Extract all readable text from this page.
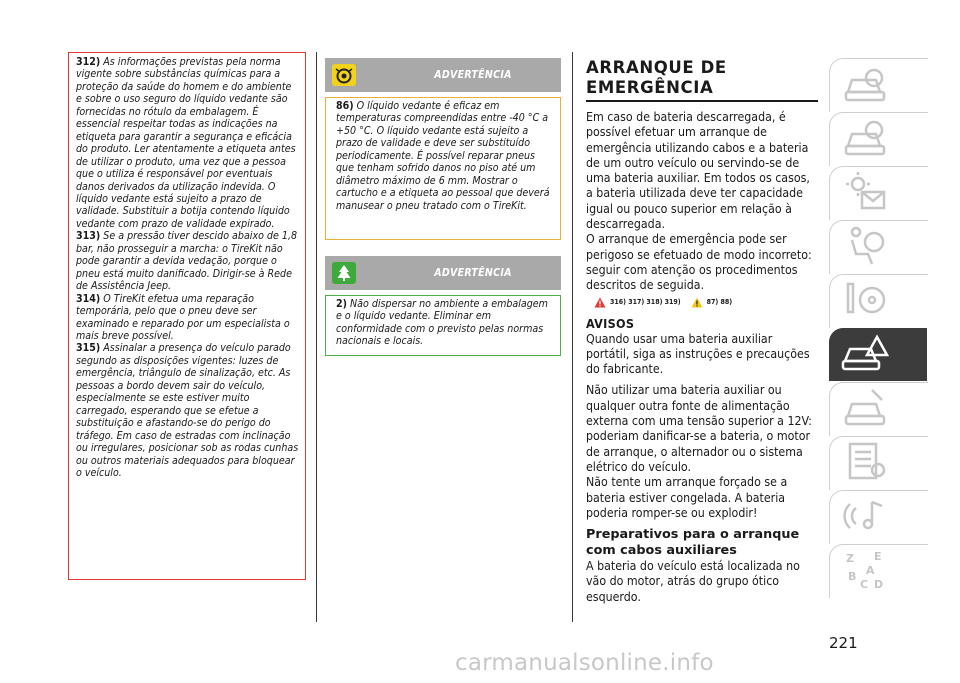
312) As informações previstas pela norma vigente sobre substâncias químicas para a proteção da saúde do homem e do ambiente e sobre o uso seguro do líquido vedante são fornecidas no rótulo da embalagem. É essencial respeitar todas as indicações na etiqueta para garantir a segurança e eficácia do produto. Ler atentamente a etiqueta antes de utilizar o produto, uma vez que a pessoa que o utiliza é responsável por eventuais danos derivados da utilização indevida. O líquido vedante está sujeito a prazo de validade. Substituir a botija contendo líquido vedante com prazo de validade expirado.

313) Se a pressão tiver descido abaixo de 1,8 bar, não prosseguir a marcha: o TireKit não pode garantir a devida vedação, porque o pneu está muito danificado. Dirigir-se à Rede de Assistência Jeep.

314) O TireKit efetua uma reparação temporária, pelo que o pneu deve ser examinado e reparado por um especialista o mais breve possível.

315) Assinalar a presença do veículo parado segundo as disposições vigentes: luzes de emergência, triângulo de sinalização, etc. As pessoas a bordo devem sair do veículo, especialmente se este estiver muito carregado, esperando que se efetue a substituição e afastando-se do perigo do tráfego. Em caso de estradas com inclinação ou irregulares, posicionar sob as rodas cunhas ou outros materiais adequados para bloquear o veículo.

ADVERTÊNCIA

86) O líquido vedante é eficaz em temperaturas compreendidas entre -40 °C a +50 °C. O líquido vedante está sujeito a prazo de validade e deve ser substituído periodicamente. É possível reparar pneus que tenham sofrido danos no piso até um diâmetro máximo de 6 mm. Mostrar o cartucho e a etiqueta ao pessoal que deverá manusear o pneu tratado com o TireKit.

ADVERTÊNCIA

2) Não dispersar no ambiente a embalagem e o líquido vedante. Eliminar em conformidade com o previsto pelas normas nacionais e locais.

ARRANQUE DE
EMERGÊNCIA

Em caso de bateria descarregada, é possível efetuar um arranque de emergência utilizando cabos e a bateria de um outro veículo ou servindo-se de uma bateria auxiliar. Em todos os casos, a bateria utilizada deve ter capacidade igual ou pouco superior em relação à descarregada.

O arranque de emergência pode ser perigoso se efetuado de modo incorreto: seguir com atenção os procedimentos descritos de seguida.

316) 317) 318) 319)	87) 88)
AVISOS

Quando usar uma bateria auxiliar portátil, siga as instruções e precauções do fabricante.

Não utilizar uma bateria auxiliar ou qualquer outra fonte de alimentação externa com uma tensão superior a 12V: poderiam danificar-se a bateria, o motor de arranque, o alternador ou o sistema elétrico do veículo.

Não tente um arranque forçado se a bateria estiver congelada. A bateria poderia romper-se ou explodir!

Preparativos para o arranque com cabos auxiliares

A bateria do veículo está localizada no vão do motor, atrás do grupo ótico esquerdo.

Z E
A
B
C D
221
carmanualsonline.info
